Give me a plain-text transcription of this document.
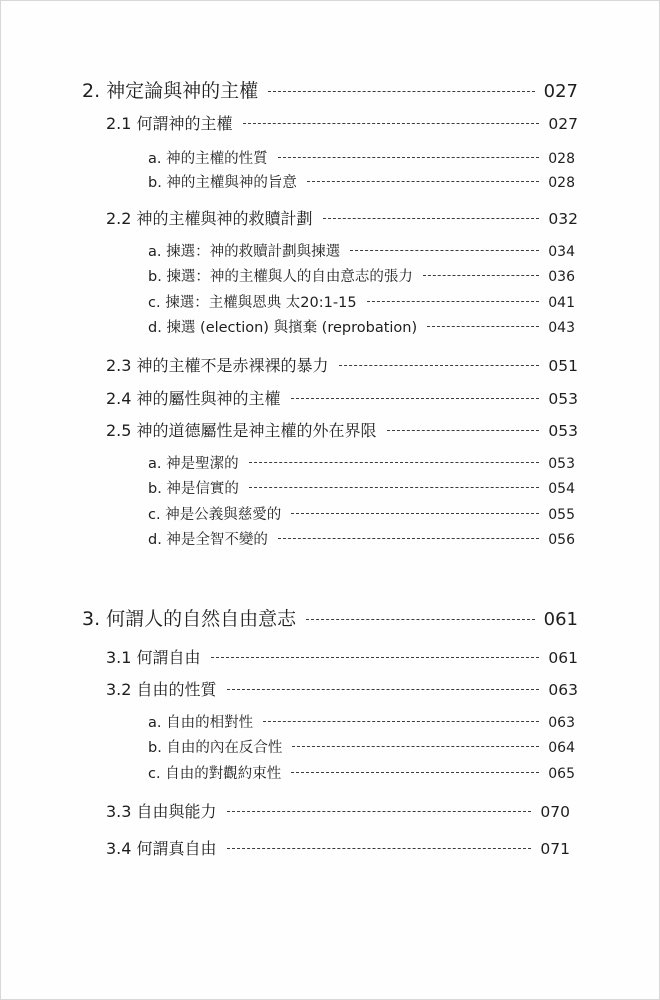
2. 神定論與神的主權	027
2.1 何謂神的主權	027
a. 神的主權的性質	028
b. 神的主權與神的旨意	028
2.2 神的主權與神的救贖計劃	032
a. 揀選：神的救贖計劃與揀選	034
b. 揀選：神的主權與人的自由意志的張力	036
c. 揀選：主權與恩典 太20:1-15	041
d. 揀選 (election) 與擯棄 (reprobation)	043
2.3 神的主權不是赤裸裸的暴力	051
2.4 神的屬性與神的主權	053
2.5 神的道德屬性是神主權的外在界限	053
a. 神是聖潔的	053
b. 神是信實的	054
c. 神是公義與慈愛的	055
d. 神是全智不變的	056
3. 何謂人的自然自由意志	061
3.1 何謂自由	061
3.2 自由的性質	063
a. 自由的相對性	063
b. 自由的內在反合性	064
c. 自由的對觀約束性	065
3.3 自由與能力	070
3.4 何謂真自由	071
